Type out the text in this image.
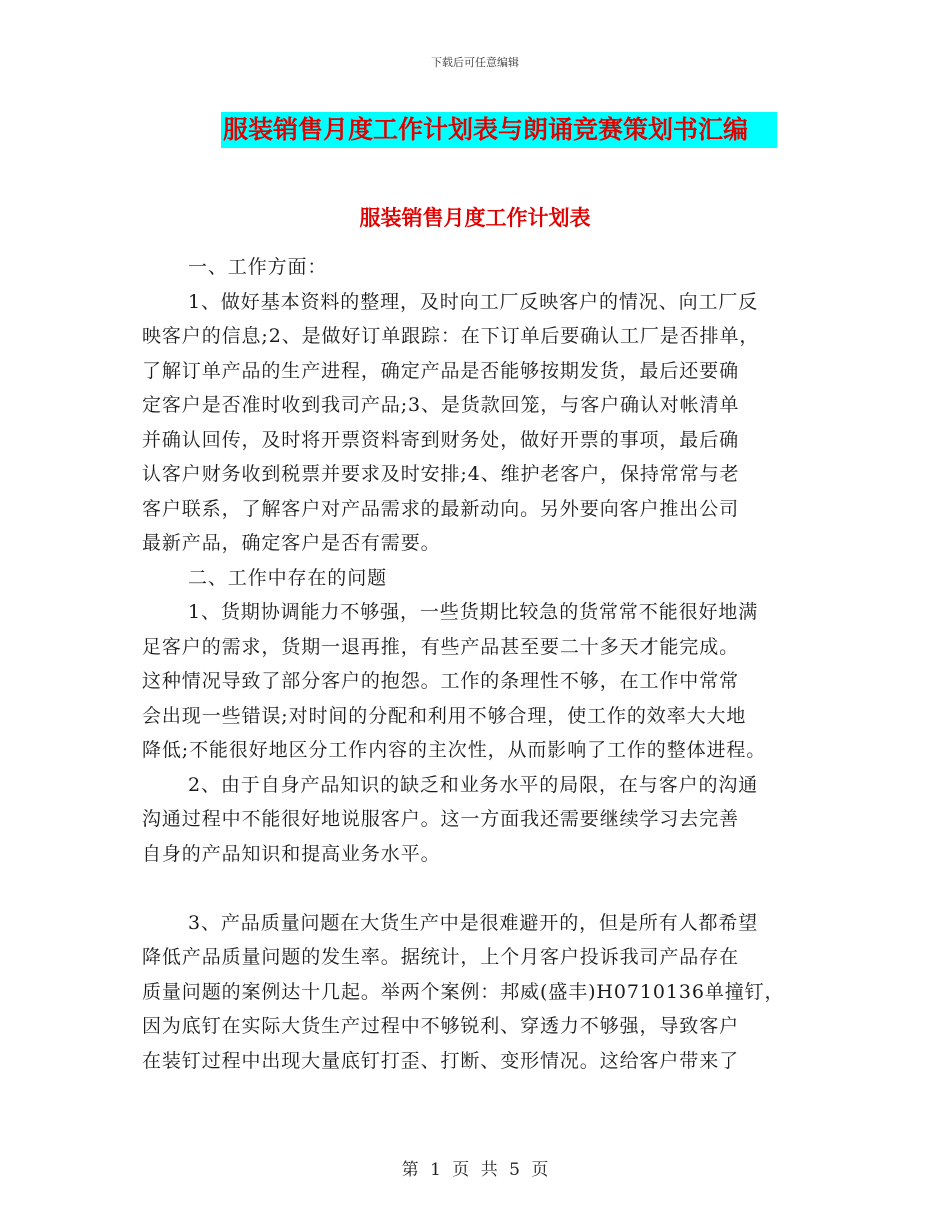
下载后可任意编辑
服装销售月度工作计划表与朗诵竞赛策划书汇编
服装销售月度工作计划表
一、工作方面：
1、做好基本资料的整理，及时向工厂反映客户的情况、向工厂反
映客户的信息;2、是做好订单跟踪：在下订单后要确认工厂是否排单，
了解订单产品的生产进程，确定产品是否能够按期发货，最后还要确
定客户是否准时收到我司产品;3、是货款回笼，与客户确认对帐清单
并确认回传，及时将开票资料寄到财务处，做好开票的事项，最后确
认客户财务收到税票并要求及时安排;4、维护老客户，保持常常与老
客户联系，了解客户对产品需求的最新动向。另外要向客户推出公司
最新产品，确定客户是否有需要。
二、工作中存在的问题
1、货期协调能力不够强，一些货期比较急的货常常不能很好地满
足客户的需求，货期一退再推，有些产品甚至要二十多天才能完成。
这种情况导致了部分客户的抱怨。工作的条理性不够，在工作中常常
会出现一些错误;对时间的分配和利用不够合理，使工作的效率大大地
降低;不能很好地区分工作内容的主次性，从而影响了工作的整体进程。
2、由于自身产品知识的缺乏和业务水平的局限，在与客户的沟通
沟通过程中不能很好地说服客户。这一方面我还需要继续学习去完善
自身的产品知识和提高业务水平。
3、产品质量问题在大货生产中是很难避开的，但是所有人都希望
降低产品质量问题的发生率。据统计，上个月客户投诉我司产品存在
质量问题的案例达十几起。举两个案例：邦威(盛丰)H0710136单撞钉，
因为底钉在实际大货生产过程中不够锐利、穿透力不够强，导致客户
在装钉过程中出现大量底钉打歪、打断、变形情况。这给客户带来了
第 1 页 共 5 页
